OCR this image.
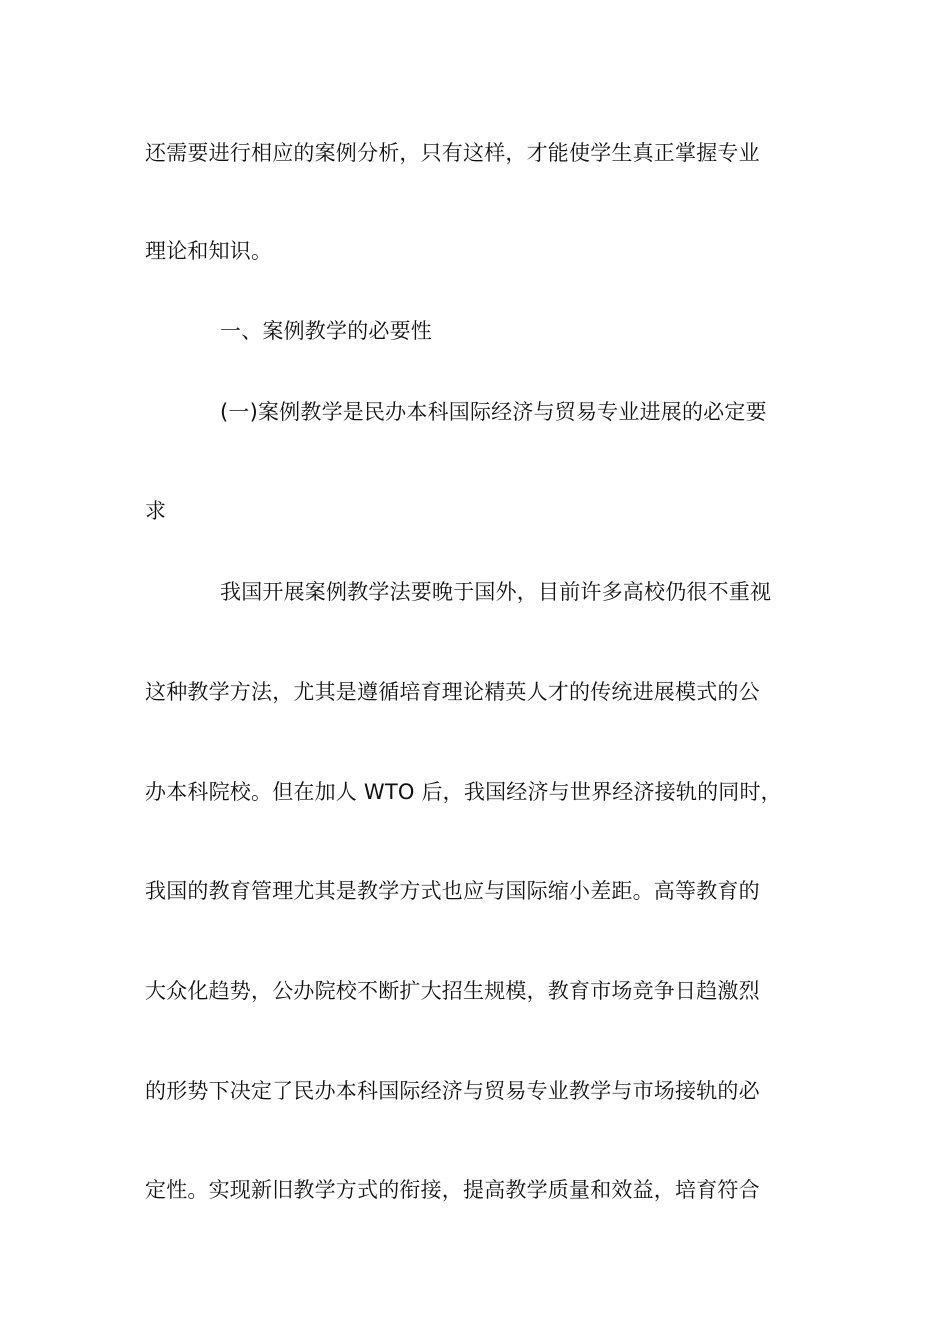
还需要进行相应的案例分析，只有这样，才能使学生真正掌握专业
理论和知识。
一、案例教学的必要性
(一)案例教学是民办本科国际经济与贸易专业进展的必定要
求
我国开展案例教学法要晚于国外，目前许多高校仍很不重视
这种教学方法，尤其是遵循培育理论精英人才的传统进展模式的公
办本科院校。但在加人 WTO 后，我国经济与世界经济接轨的同时，
我国的教育管理尤其是教学方式也应与国际缩小差距。高等教育的
大众化趋势，公办院校不断扩大招生规模，教育市场竞争日趋激烈
的形势下决定了民办本科国际经济与贸易专业教学与市场接轨的必
定性。实现新旧教学方式的衔接，提高教学质量和效益，培育符合
